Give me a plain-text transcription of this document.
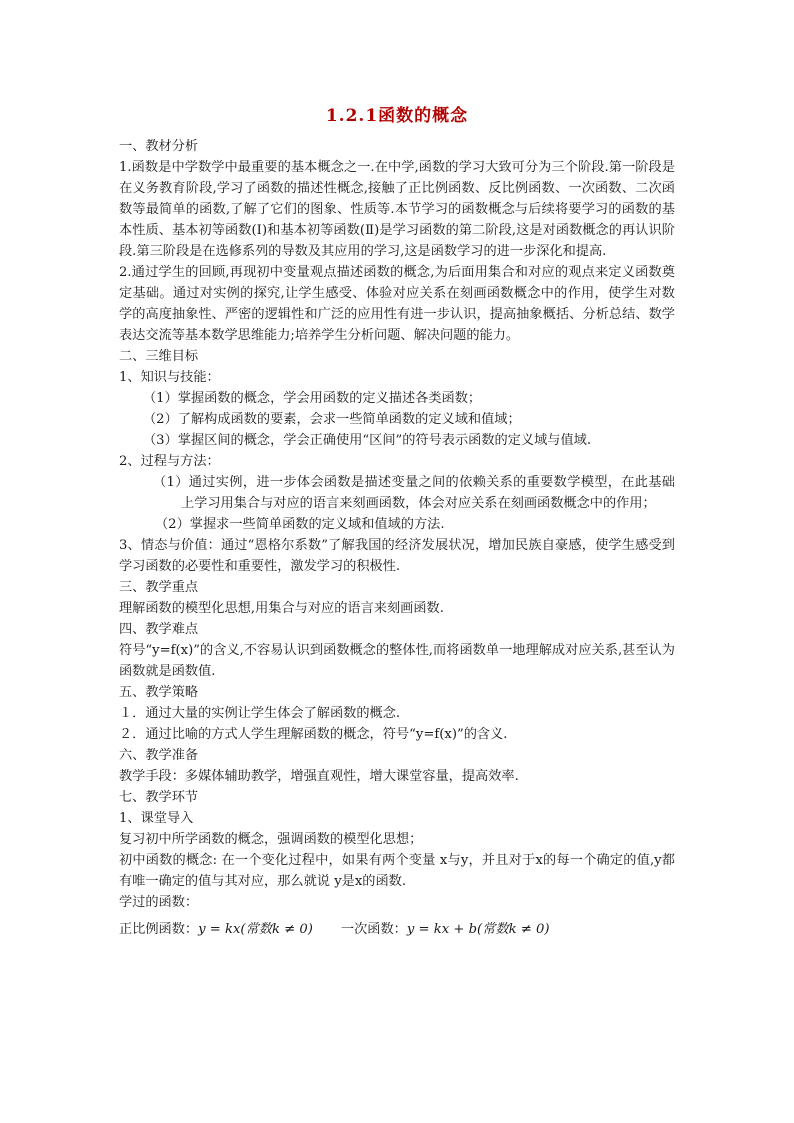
1.2.1函数的概念
一、教材分析
1.函数是中学数学中最重要的基本概念之一.在中学,函数的学习大致可分为三个阶段.第一阶段是在义务教育阶段,学习了函数的描述性概念,接触了正比例函数、反比例函数、一次函数、二次函数等最简单的函数,了解了它们的图象、性质等.本节学习的函数概念与后续将要学习的函数的基本性质、基本初等函数(Ⅰ)和基本初等函数(Ⅱ)是学习函数的第二阶段,这是对函数概念的再认识阶段.第三阶段是在选修系列的导数及其应用的学习,这是函数学习的进一步深化和提高.
2.通过学生的回顾,再现初中变量观点描述函数的概念,为后面用集合和对应的观点来定义函数奠定基础。通过对实例的探究,让学生感受、体验对应关系在刻画函数概念中的作用，使学生对数学的高度抽象性、严密的逻辑性和广泛的应用性有进一步认识，提高抽象概括、分析总结、数学表达交流等基本数学思维能力;培养学生分析问题、解决问题的能力。
二、三维目标
1、知识与技能：
（1）掌握函数的概念，学会用函数的定义描述各类函数；
（2）了解构成函数的要素，会求一些简单函数的定义域和值域；
（3）掌握区间的概念，学会正确使用“区间”的符号表示函数的定义域与值域.
2、过程与方法：
（1）通过实例，进一步体会函数是描述变量之间的依赖关系的重要数学模型，在此基础上学习用集合与对应的语言来刻画函数，体会对应关系在刻画函数概念中的作用；
（2）掌握求一些简单函数的定义域和值域的方法.
3、情态与价值：通过“恩格尔系数”了解我国的经济发展状况，增加民族自豪感，使学生感受到学习函数的必要性和重要性，激发学习的积极性.
三、教学重点
理解函数的模型化思想,用集合与对应的语言来刻画函数.
四、教学难点
符号“y=f(x)”的含义,不容易认识到函数概念的整体性,而将函数单一地理解成对应关系,甚至认为函数就是函数值.
五、教学策略
１．通过大量的实例让学生体会了解函数的概念.
２．通过比喻的方式人学生理解函数的概念，符号“y=f(x)”的含义.
六、教学准备
教学手段：多媒体辅助教学，增强直观性，增大课堂容量，提高效率.
七、教学环节
1、课堂导入
复习初中所学函数的概念，强调函数的模型化思想；
初中函数的概念: 在一个变化过程中，如果有两个变量 x与y，并且对于x的每一个确定的值,y都有唯一确定的值与其对应，那么就说 y是x的函数.
学过的函数：
正比例函数：y = kx(常数k ≠ 0) 一次函数：y = kx + b(常数k ≠ 0)
